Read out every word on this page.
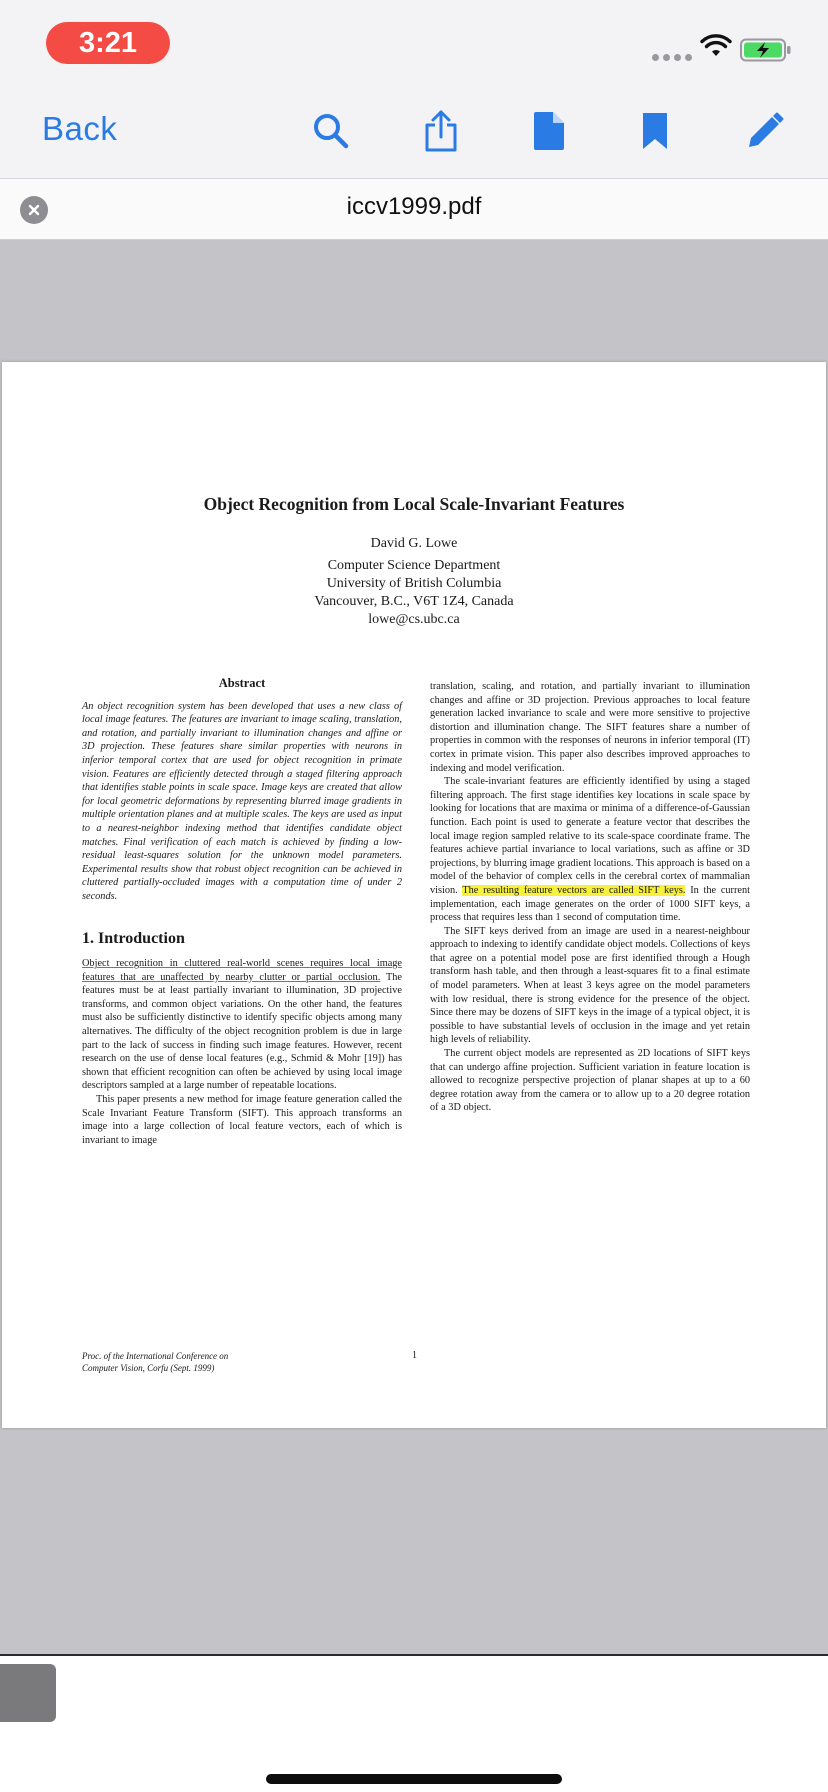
3:21
Back
iccv1999.pdf
Object Recognition from Local Scale-Invariant Features
David G. Lowe
Computer Science Department
University of British Columbia
Vancouver, B.C., V6T 1Z4, Canada
lowe@cs.ubc.ca
Abstract
An object recognition system has been developed that uses a new class of local image features. The features are invariant to image scaling, translation, and rotation, and partially invariant to illumination changes and affine or 3D projection. These features share similar properties with neurons in inferior temporal cortex that are used for object recognition in primate vision. Features are efficiently detected through a staged filtering approach that identifies stable points in scale space. Image keys are created that allow for local geometric deformations by representing blurred image gradients in multiple orientation planes and at multiple scales. The keys are used as input to a nearest-neighbor indexing method that identifies candidate object matches. Final verification of each match is achieved by finding a low-residual least-squares solution for the unknown model parameters. Experimental results show that robust object recognition can be achieved in cluttered partially-occluded images with a computation time of under 2 seconds.
1. Introduction
Object recognition in cluttered real-world scenes requires local image features that are unaffected by nearby clutter or partial occlusion. The features must be at least partially invariant to illumination, 3D projective transforms, and common object variations. On the other hand, the features must also be sufficiently distinctive to identify specific objects among many alternatives. The difficulty of the object recognition problem is due in large part to the lack of success in finding such image features. However, recent research on the use of dense local features (e.g., Schmid & Mohr [19]) has shown that efficient recognition can often be achieved by using local image descriptors sampled at a large number of repeatable locations.
This paper presents a new method for image feature generation called the Scale Invariant Feature Transform (SIFT). This approach transforms an image into a large collection of local feature vectors, each of which is invariant to image
translation, scaling, and rotation, and partially invariant to illumination changes and affine or 3D projection. Previous approaches to local feature generation lacked invariance to scale and were more sensitive to projective distortion and illumination change. The SIFT features share a number of properties in common with the responses of neurons in inferior temporal (IT) cortex in primate vision. This paper also describes improved approaches to indexing and model verification.
The scale-invariant features are efficiently identified by using a staged filtering approach. The first stage identifies key locations in scale space by looking for locations that are maxima or minima of a difference-of-Gaussian function. Each point is used to generate a feature vector that describes the local image region sampled relative to its scale-space coordinate frame. The features achieve partial invariance to local variations, such as affine or 3D projections, by blurring image gradient locations. This approach is based on a model of the behavior of complex cells in the cerebral cortex of mammalian vision. The resulting feature vectors are called SIFT keys. In the current implementation, each image generates on the order of 1000 SIFT keys, a process that requires less than 1 second of computation time.
The SIFT keys derived from an image are used in a nearest-neighbour approach to indexing to identify candidate object models. Collections of keys that agree on a potential model pose are first identified through a Hough transform hash table, and then through a least-squares fit to a final estimate of model parameters. When at least 3 keys agree on the model parameters with low residual, there is strong evidence for the presence of the object. Since there may be dozens of SIFT keys in the image of a typical object, it is possible to have substantial levels of occlusion in the image and yet retain high levels of reliability.
The current object models are represented as 2D locations of SIFT keys that can undergo affine projection. Sufficient variation in feature location is allowed to recognize perspective projection of planar shapes at up to a 60 degree rotation away from the camera or to allow up to a 20 degree rotation of a 3D object.
Proc. of the International Conference on
Computer Vision, Corfu (Sept. 1999)
1
